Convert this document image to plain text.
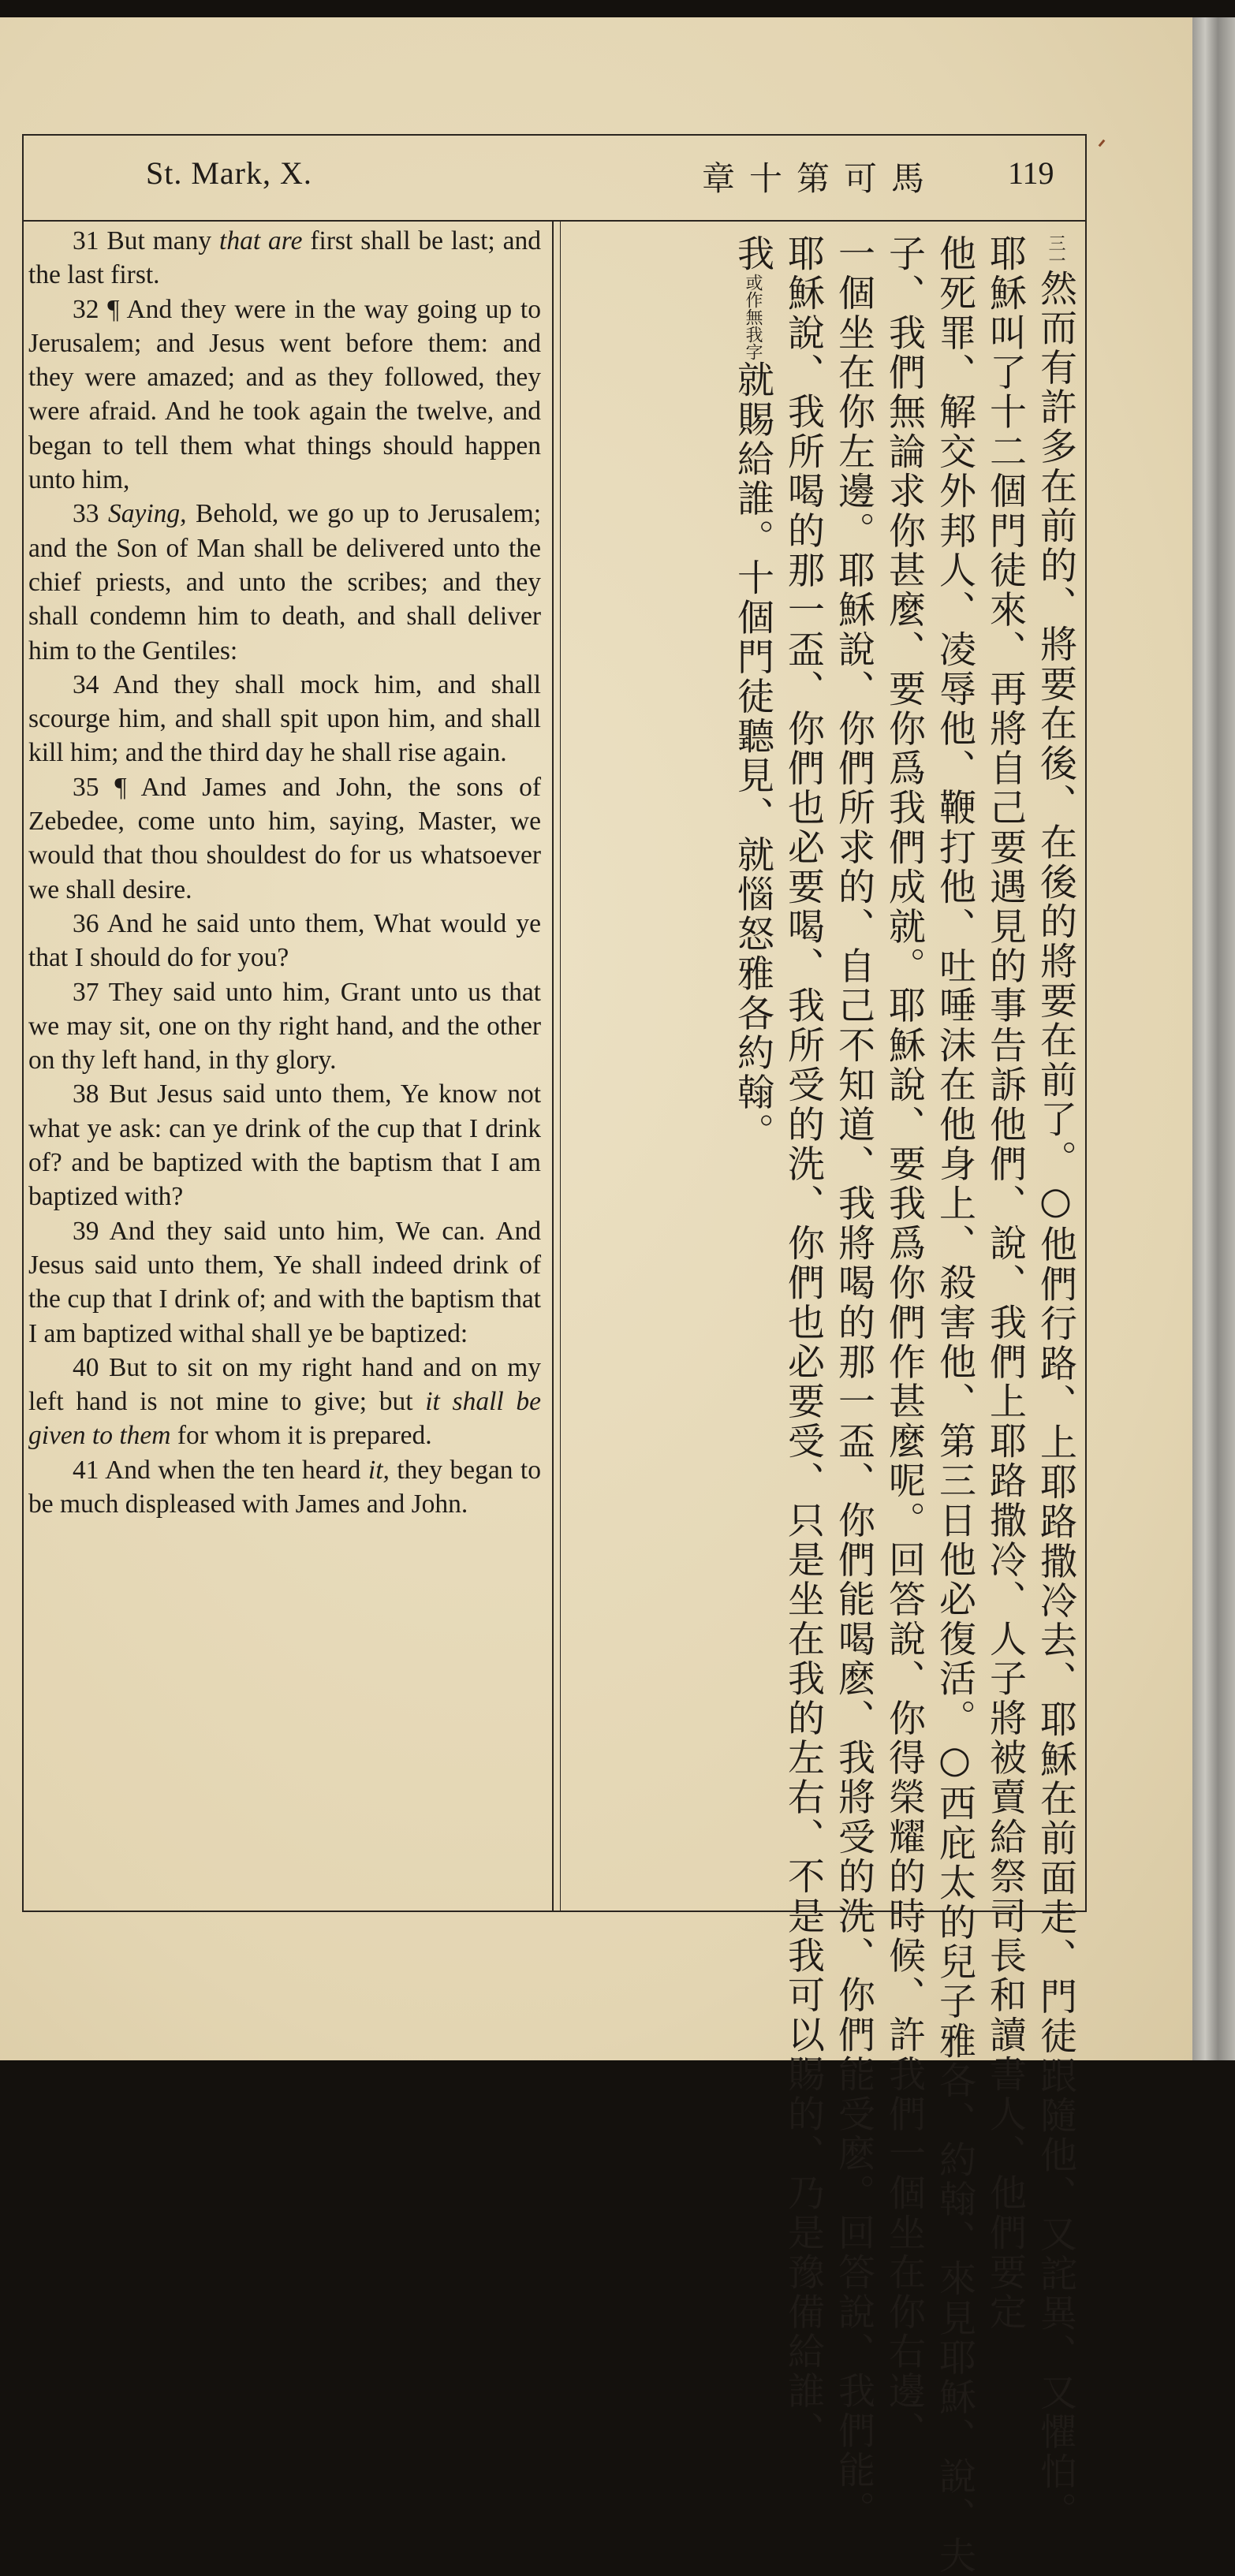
St. Mark, X.	章十第可馬 119

31 But many that are first shall be last; and the last first.

32 ¶ And they were in the way going up to Jerusalem; and Jesus went before them: and they were amazed; and as they followed, they were afraid. And he took again the twelve, and began to tell them what things should happen unto him,

33 Saying, Behold, we go up to Jerusalem; and the Son of Man shall be delivered unto the chief priests, and unto the scribes; and they shall condemn him to death, and shall deliver him to the Gentiles:

34 And they shall mock him, and shall scourge him, and shall spit upon him, and shall kill him; and the third day he shall rise again.

35 ¶ And James and John, the sons of Zebedee, come unto him, saying, Master, we would that thou shouldest do for us whatsoever we shall desire.

36 And he said unto them, What would ye that I should do for you?

37 They said unto him, Grant unto us that we may sit, one on thy right hand, and the other on thy left hand, in thy glory.

38 But Jesus said unto them, Ye know not what ye ask: can ye drink of the cup that I drink of? and be baptized with the baptism that I am baptized with?

39 And they said unto him, We can. And Jesus said unto them, Ye shall indeed drink of the cup that I drink of; and with the baptism that I am baptized withal shall ye be baptized:

40 But to sit on my right hand and on my left hand is not mine to give; but it shall be given to them for whom it is prepared.

41 And when the ten heard it, they began to be much displeased with James and John.

三一然而有許多在前的、將要在後、在後的將要在前了。○他們行路、上耶路撒冷去、耶穌在前面走、門徒跟隨他、又詫異、又懼怕。
耶穌叫了十二個門徒來、再將自己要遇見的事告訴他們、說、我們上耶路撒冷、人子將被賣給祭司長和讀書人、他們要定
他死罪、解交外邦人、凌辱他、鞭打他、吐唾沫在他身上、殺害他、第三日他必復活。○西庇太的兒子雅各、約翰、來見耶穌、說、夫
子、我們無論求你甚麼、要你爲我們成就。耶穌說、要我爲你們作甚麼呢。回答說、你得榮耀的時候、許我們一個坐在你右邊、
一個坐在你左邊。耶穌說、你們所求的、自己不知道、我將喝的那一盃、你們能喝麽、我將受的洗、你們能受麽。回答說、我們能。
耶穌說、我所喝的那一盃、你們也必要喝、我所受的洗、你們也必要受、只是坐在我的左右、不是我可以賜的、乃是豫備給誰、
我或作無我字就賜給誰。十個門徒聽見、就惱怒雅各約翰。
